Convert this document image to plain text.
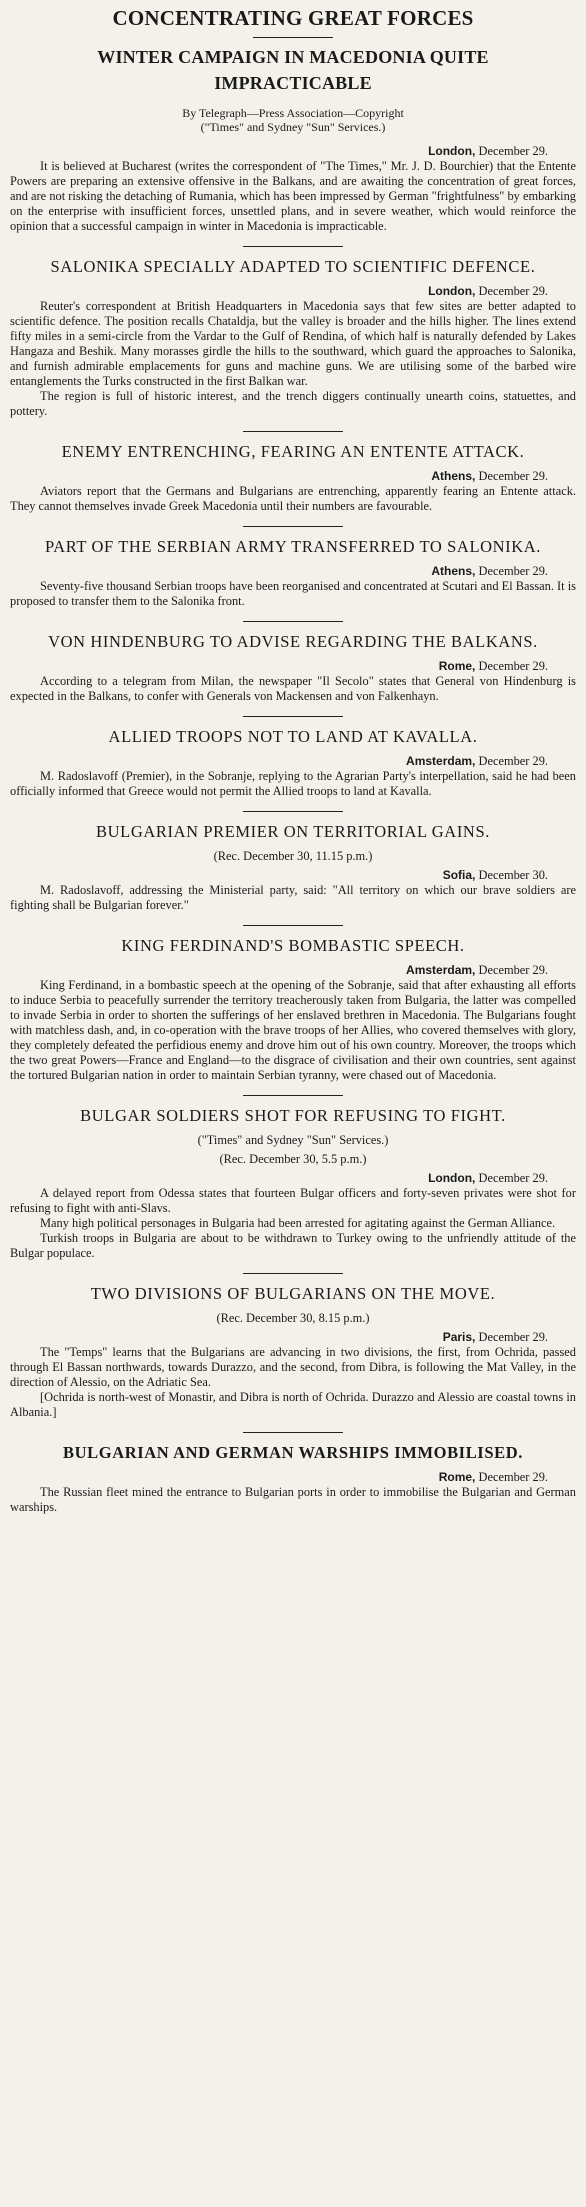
CONCENTRATING GREAT FORCES
WINTER CAMPAIGN IN MACEDONIA QUITE IMPRACTICABLE
By Telegraph—Press Association—Copyright
("Times" and Sydney "Sun" Services.)
London, December 29.

It is believed at Bucharest (writes the correspondent of "The Times," Mr. J. D. Bourchier) that the Entente Powers are preparing an extensive offensive in the Balkans, and are awaiting the concentration of great forces, and are not risking the detaching of Rumania, which has been impressed by German "frightfulness" by embarking on the enterprise with insufficient forces, unsettled plans, and in severe weather, which would reinforce the opinion that a successful campaign in winter in Macedonia is impracticable.

SALONIKA SPECIALLY ADAPTED TO SCIENTIFIC DEFENCE.
London, December 29.

Reuter's correspondent at British Headquarters in Macedonia says that few sites are better adapted to scientific defence. The position recalls Chataldja, but the valley is broader and the hills higher. The lines extend fifty miles in a semi-circle from the Vardar to the Gulf of Rendina, of which half is naturally defended by Lakes Hangaza and Beshik. Many morasses girdle the hills to the southward, which guard the approaches to Salonika, and furnish admirable emplacements for guns and machine guns. We are utilising some of the barbed wire entanglements the Turks constructed in the first Balkan war.

The region is full of historic interest, and the trench diggers continually unearth coins, statuettes, and pottery.

ENEMY ENTRENCHING, FEARING AN ENTENTE ATTACK.
Athens, December 29.

Aviators report that the Germans and Bulgarians are entrenching, apparently fearing an Entente attack. They cannot themselves invade Greek Macedonia until their numbers are favourable.

PART OF THE SERBIAN ARMY TRANSFERRED TO SALONIKA.
Athens, December 29.

Seventy-five thousand Serbian troops have been reorganised and concentrated at Scutari and El Bassan. It is proposed to transfer them to the Salonika front.

VON HINDENBURG TO ADVISE REGARDING THE BALKANS.
Rome, December 29.

According to a telegram from Milan, the newspaper "Il Secolo" states that General von Hindenburg is expected in the Balkans, to confer with Generals von Mackensen and von Falkenhayn.

ALLIED TROOPS NOT TO LAND AT KAVALLA.
Amsterdam, December 29.

M. Radoslavoff (Premier), in the Sobranje, replying to the Agrarian Party's interpellation, said he had been officially informed that Greece would not permit the Allied troops to land at Kavalla.

BULGARIAN PREMIER ON TERRITORIAL GAINS.
(Rec. December 30, 11.15 p.m.)
Sofia, December 30.

M. Radoslavoff, addressing the Ministerial party, said: "All territory on which our brave soldiers are fighting shall be Bulgarian forever."

KING FERDINAND'S BOMBASTIC SPEECH.
Amsterdam, December 29.

King Ferdinand, in a bombastic speech at the opening of the Sobranje, said that after exhausting all efforts to induce Serbia to peacefully surrender the territory treacherously taken from Bulgaria, the latter was compelled to invade Serbia in order to shorten the sufferings of her enslaved brethren in Macedonia. The Bulgarians fought with matchless dash, and, in co-operation with the brave troops of her Allies, who covered themselves with glory, they completely defeated the perfidious enemy and drove him out of his own country. Moreover, the troops which the two great Powers—France and England—to the disgrace of civilisation and their own countries, sent against the tortured Bulgarian nation in order to maintain Serbian tyranny, were chased out of Macedonia.

BULGAR SOLDIERS SHOT FOR REFUSING TO FIGHT.
("Times" and Sydney "Sun" Services.)
(Rec. December 30, 5.5 p.m.)
London, December 29.

A delayed report from Odessa states that fourteen Bulgar officers and forty-seven privates were shot for refusing to fight with anti-Slavs.

Many high political personages in Bulgaria had been arrested for agitating against the German Alliance.

Turkish troops in Bulgaria are about to be withdrawn to Turkey owing to the unfriendly attitude of the Bulgar populace.

TWO DIVISIONS OF BULGARIANS ON THE MOVE.
(Rec. December 30, 8.15 p.m.)
Paris, December 29.

The "Temps" learns that the Bulgarians are advancing in two divisions, the first, from Ochrida, passed through El Bassan northwards, towards Durazzo, and the second, from Dibra, is following the Mat Valley, in the direction of Alessio, on the Adriatic Sea.

[Ochrida is north-west of Monastir, and Dibra is north of Ochrida. Durazzo and Alessio are coastal towns in Albania.]

BULGARIAN AND GERMAN WARSHIPS IMMOBILISED.
Rome, December 29.

The Russian fleet mined the entrance to Bulgarian ports in order to immobilise the Bulgarian and German warships.
